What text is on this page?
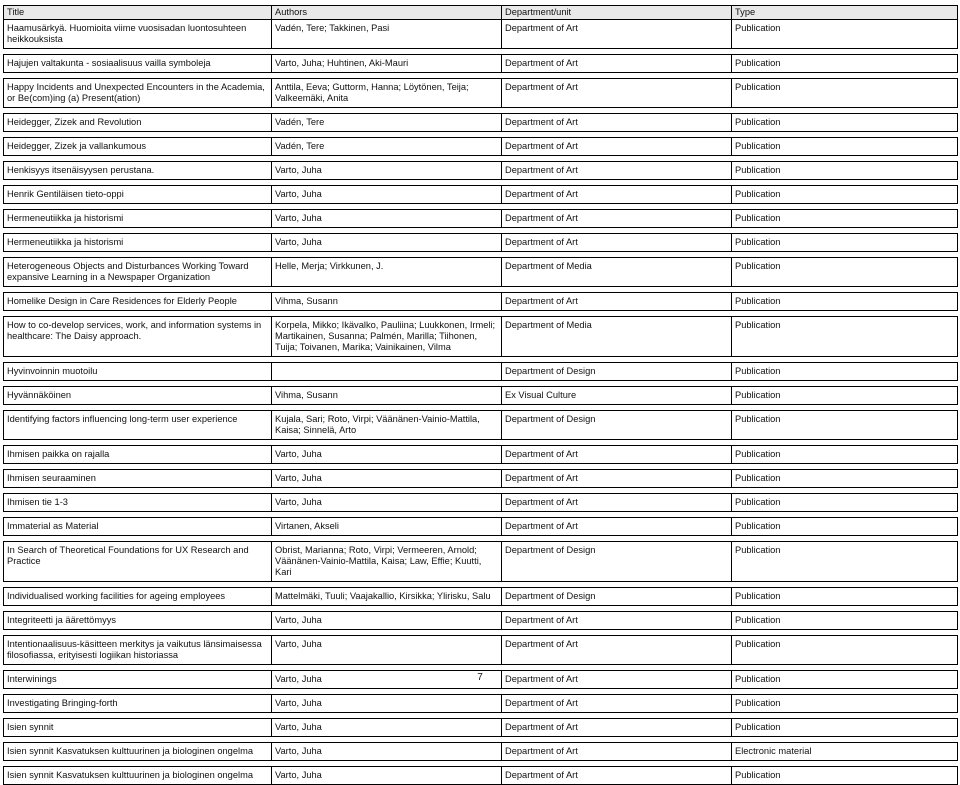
Title	Authors	Department/unit	Type
Haamusärkyä. Huomioita viime vuosisadan luontosuhteen heikkouksista	Vadén, Tere; Takkinen, Pasi	Department of Art	Publication

Hajujen valtakunta - sosiaalisuus vailla symboleja	Varto, Juha; Huhtinen, Aki-Mauri	Department of Art	Publication

Happy Incidents and Unexpected Encounters in the Academia, or Be(com)ing (a) Present(ation)	Anttila, Eeva; Guttorm, Hanna; Löytönen, Teija; Valkeemäki, Anita	Department of Art	Publication

Heidegger, Zizek and Revolution	Vadén, Tere	Department of Art	Publication

Heidegger, Zizek ja vallankumous	Vadén, Tere	Department of Art	Publication

Henkisyys itsenäisyysen perustana.	Varto, Juha	Department of Art	Publication

Henrik Gentiläisen tieto-oppi	Varto, Juha	Department of Art	Publication

Hermeneutiikka ja historismi	Varto, Juha	Department of Art	Publication

Hermeneutiikka ja historismi	Varto, Juha	Department of Art	Publication

Heterogeneous Objects and Disturbances Working Toward expansive Learning in a Newspaper Organization	Helle, Merja; Virkkunen, J.	Department of Media	Publication

Homelike Design in Care Residences for Elderly People	Vihma, Susann	Department of Art	Publication

How to co-develop services, work, and information systems in healthcare: The Daisy approach.	Korpela, Mikko; Ikävalko, Pauliina; Luukkonen, Irmeli; Martikainen, Susanna; Palmén, Marilla; Tiihonen, Tuija; Toivanen, Marika; Vainikainen, Vilma	Department of Media	Publication

Hyvinvoinnin muotoilu		Department of Design	Publication

Hyvännäköinen	Vihma, Susann	Ex Visual Culture	Publication

Identifying factors influencing long-term user experience	Kujala, Sari; Roto, Virpi; Väänänen-Vainio-Mattila, Kaisa; Sinnelä, Arto	Department of Design	Publication

Ihmisen paikka on rajalla	Varto, Juha	Department of Art	Publication

Ihmisen seuraaminen	Varto, Juha	Department of Art	Publication

Ihmisen tie 1-3	Varto, Juha	Department of Art	Publication

Immaterial as Material	Virtanen, Akseli	Department of Art	Publication

In Search of Theoretical Foundations for UX Research and Practice	Obrist, Marianna; Roto, Virpi; Vermeeren, Arnold; Väänänen-Vainio-Mattila, Kaisa; Law, Effie; Kuutti, Kari	Department of Design	Publication

Individualised working facilities for ageing employees	Mattelmäki, Tuuli; Vaajakallio, Kirsikka; Ylirisku, Salu	Department of Design	Publication

Integriteetti ja äärettömyys	Varto, Juha	Department of Art	Publication

Intentionaalisuus-käsitteen merkitys ja vaikutus länsimaisessa filosofiassa, erityisesti logiikan historiassa	Varto, Juha	Department of Art	Publication

Interwinings	Varto, Juha	Department of Art	Publication

Investigating Bringing-forth	Varto, Juha	Department of Art	Publication

Isien synnit	Varto, Juha	Department of Art	Publication

Isien synnit Kasvatuksen kulttuurinen ja biologinen ongelma	Varto, Juha	Department of Art	Electronic material

Isien synnit Kasvatuksen kulttuurinen ja biologinen ongelma	Varto, Juha	Department of Art	Publication
7
